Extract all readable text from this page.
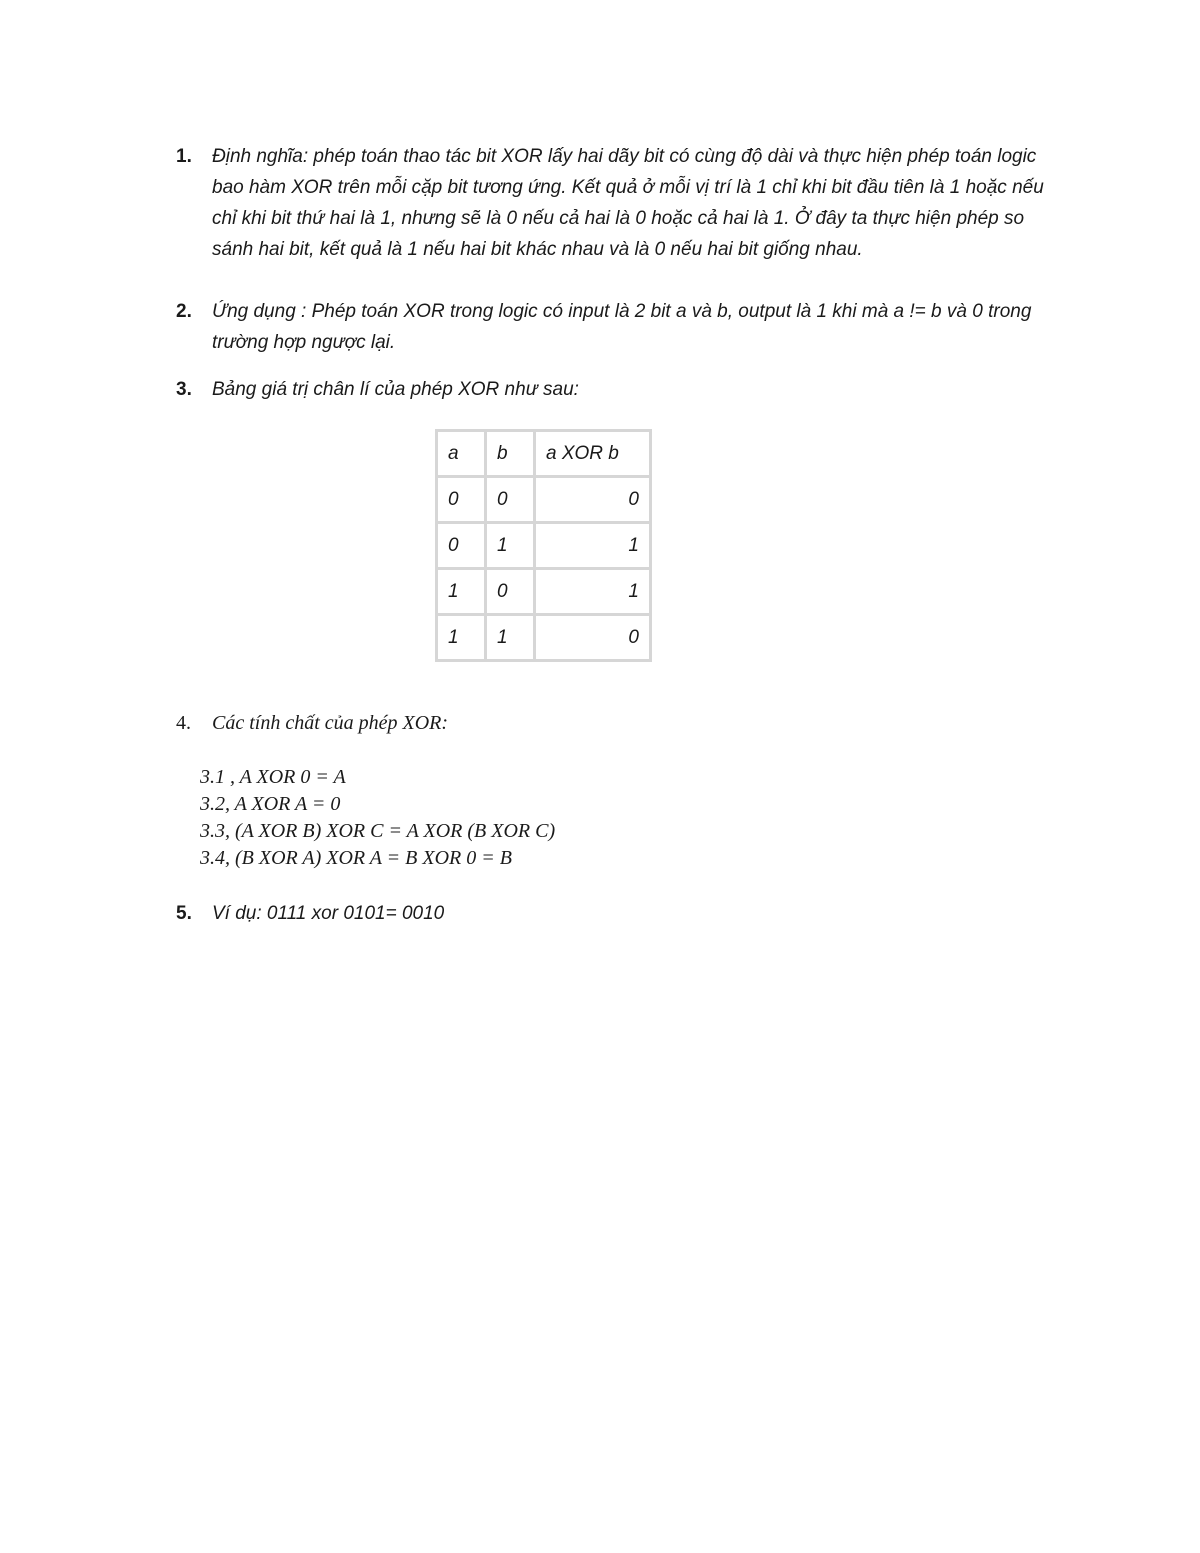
1. Định nghĩa: phép toán thao tác bit XOR lấy hai dãy bit có cùng độ dài và thực hiện phép toán logic bao hàm XOR trên mỗi cặp bit tương ứng. Kết quả ở mỗi vị trí là 1 chỉ khi bit đầu tiên là 1 hoặc nếu chỉ khi bit thứ hai là 1, nhưng sẽ là 0 nếu cả hai là 0 hoặc cả hai là 1. Ở đây ta thực hiện phép so sánh hai bit, kết quả là 1 nếu hai bit khác nhau và là 0 nếu hai bit giống nhau.
2. Ứng dụng : Phép toán XOR trong logic có input là 2 bit a và b, output là 1 khi mà a != b và 0 trong trường hợp ngược lại.
3. Bảng giá trị chân lí của phép XOR như sau:
a	b	a XOR b
0	0	0
0	1	1
1	0	1
1	1	0
4. Các tính chất của phép XOR:
3.1 , A XOR 0 = A
3.2, A XOR A = 0
3.3, (A XOR B) XOR C = A XOR (B XOR C)
3.4, (B XOR A) XOR A = B XOR 0 = B
5. Ví dụ: 0111 xor 0101= 0010
